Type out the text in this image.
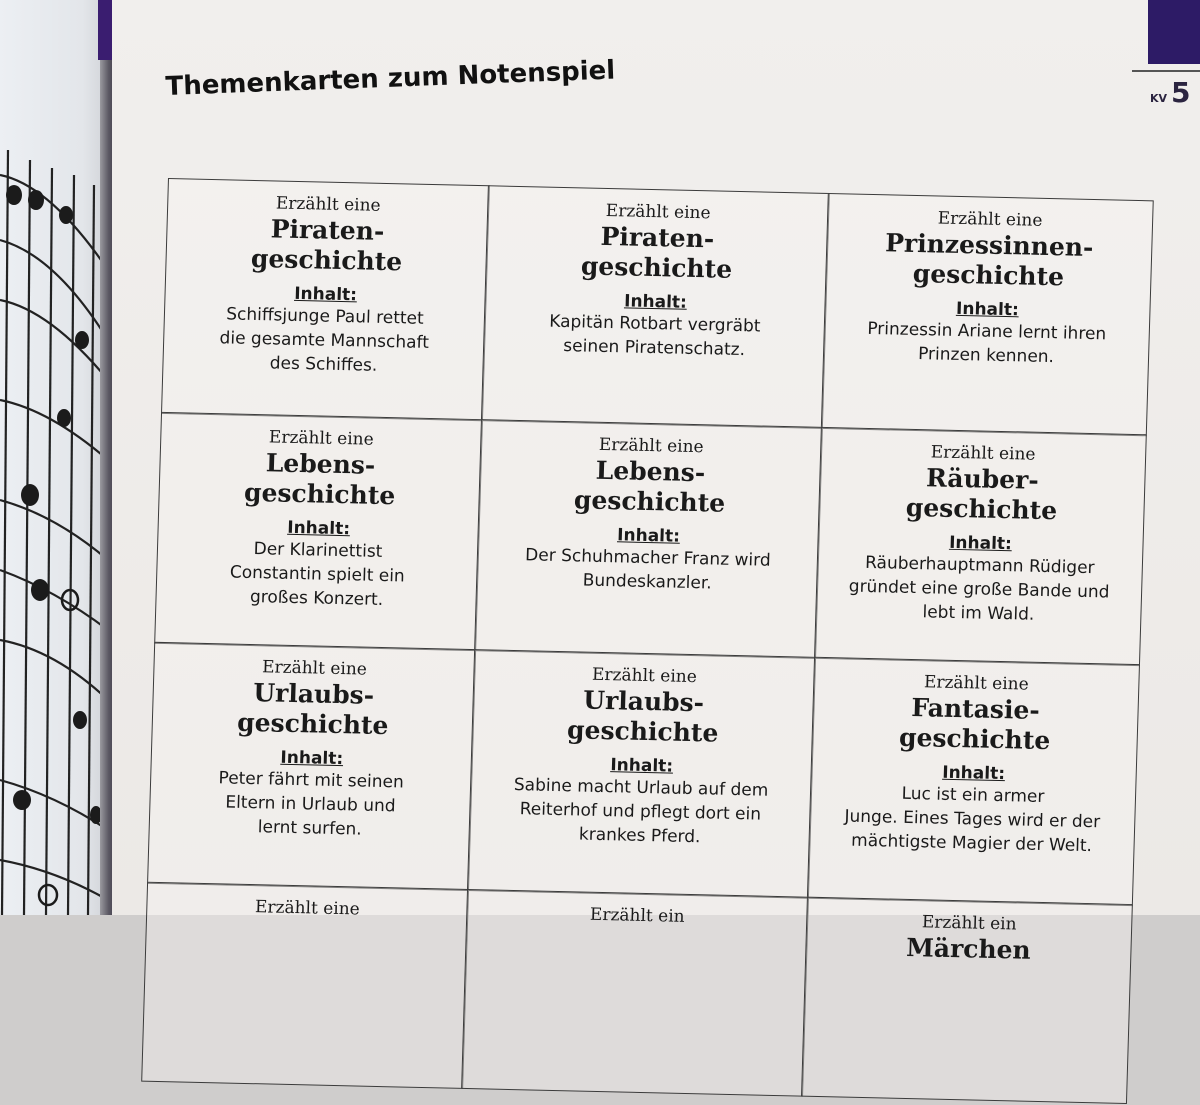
KV 5
Themenkarten zum Notenspiel
Erzählt eine
Piraten-
geschichte
Inhalt:
Schiffsjunge Paul rettet
die gesamte Mannschaft
des Schiffes.
Erzählt eine
Piraten-
geschichte
Inhalt:
Kapitän Rotbart vergräbt
seinen Piratenschatz.
Erzählt eine
Prinzessinnen-
geschichte
Inhalt:
Prinzessin Ariane lernt ihren
Prinzen kennen.
Erzählt eine
Lebens-
geschichte
Inhalt:
Der Klarinettist
Constantin spielt ein
großes Konzert.
Erzählt eine
Lebens-
geschichte
Inhalt:
Der Schuhmacher Franz wird
Bundeskanzler.
Erzählt eine
Räuber-
geschichte
Inhalt:
Räuberhauptmann Rüdiger
gründet eine große Bande und
lebt im Wald.
Erzählt eine
Urlaubs-
geschichte
Inhalt:
Peter fährt mit seinen
Eltern in Urlaub und
lernt surfen.
Erzählt eine
Urlaubs-
geschichte
Inhalt:
Sabine macht Urlaub auf dem
Reiterhof und pflegt dort ein
krankes Pferd.
Erzählt eine
Fantasie-
geschichte
Inhalt:
Luc ist ein armer
Junge. Eines Tages wird er der
mächtigste Magier der Welt.
Erzählt eine	Erzählt ein	Erzählt ein
Märchen
